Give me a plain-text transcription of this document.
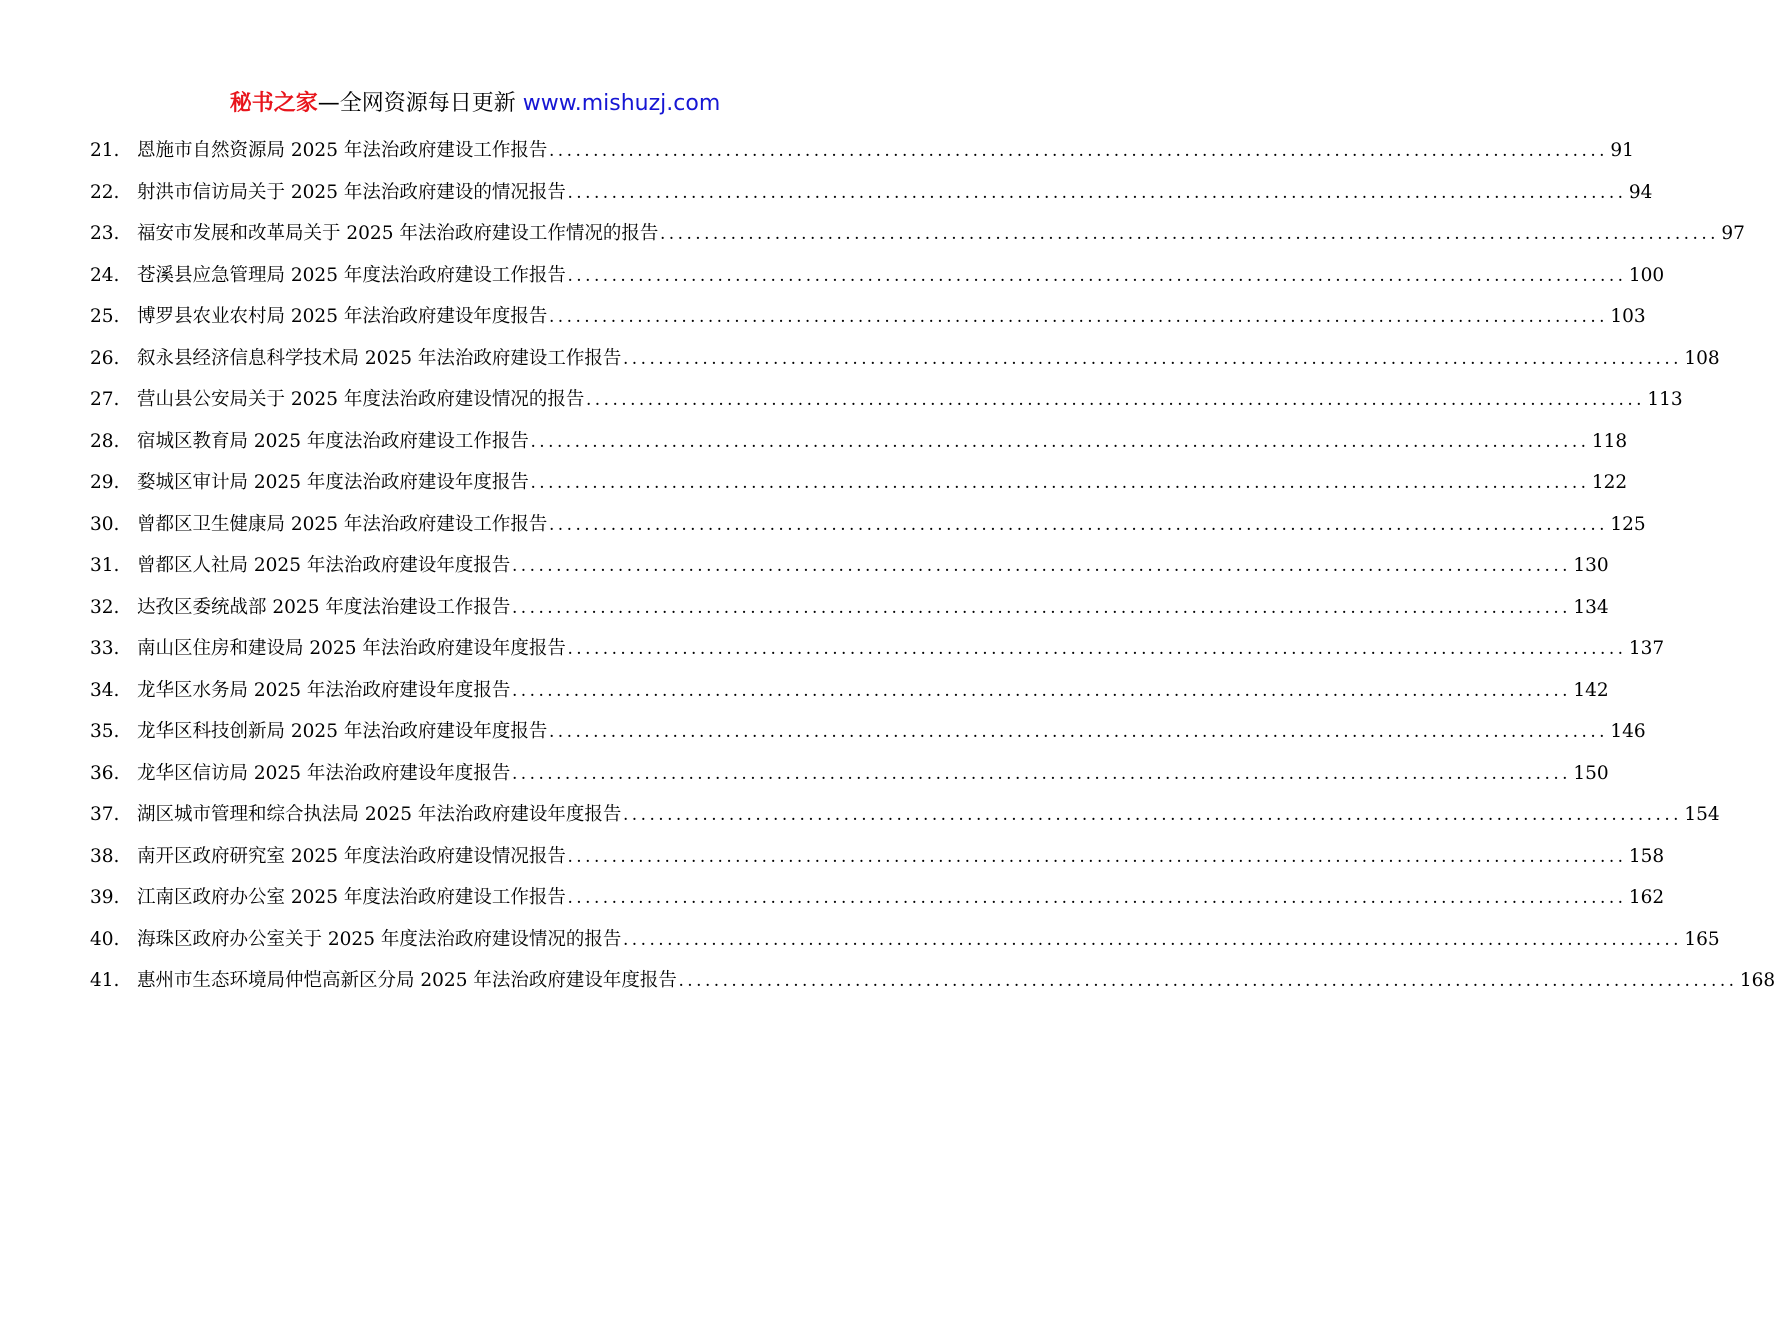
秘书之家—全网资源每日更新 www.mishuzj.com
21. 恩施市自然资源局 2025 年法治政府建设工作报告 ........................................................................................................................ 91
22. 射洪市信访局关于 2025 年法治政府建设的情况报告 ........................................................................................................................ 94
23. 福安市发展和改革局关于 2025 年法治政府建设工作情况的报告 ........................................................................................................................ 97
24. 苍溪县应急管理局 2025 年度法治政府建设工作报告 ........................................................................................................................ 100
25. 博罗县农业农村局 2025 年法治政府建设年度报告 ........................................................................................................................ 103
26. 叙永县经济信息科学技术局 2025 年法治政府建设工作报告 ........................................................................................................................ 108
27. 营山县公安局关于 2025 年度法治政府建设情况的报告 ........................................................................................................................ 113
28. 宿城区教育局 2025 年度法治政府建设工作报告 ........................................................................................................................ 118
29. 婺城区审计局 2025 年度法治政府建设年度报告 ........................................................................................................................ 122
30. 曾都区卫生健康局 2025 年法治政府建设工作报告 ........................................................................................................................ 125
31. 曾都区人社局 2025 年法治政府建设年度报告 ........................................................................................................................ 130
32. 达孜区委统战部 2025 年度法治建设工作报告 ........................................................................................................................ 134
33. 南山区住房和建设局 2025 年法治政府建设年度报告 ........................................................................................................................ 137
34. 龙华区水务局 2025 年法治政府建设年度报告 ........................................................................................................................ 142
35. 龙华区科技创新局 2025 年法治政府建设年度报告 ........................................................................................................................ 146
36. 龙华区信访局 2025 年法治政府建设年度报告 ........................................................................................................................ 150
37. 湖区城市管理和综合执法局 2025 年法治政府建设年度报告 ........................................................................................................................ 154
38. 南开区政府研究室 2025 年度法治政府建设情况报告 ........................................................................................................................ 158
39. 江南区政府办公室 2025 年度法治政府建设工作报告 ........................................................................................................................ 162
40. 海珠区政府办公室关于 2025 年度法治政府建设情况的报告 ........................................................................................................................ 165
41. 惠州市生态环境局仲恺高新区分局 2025 年法治政府建设年度报告 ........................................................................................................................ 168
